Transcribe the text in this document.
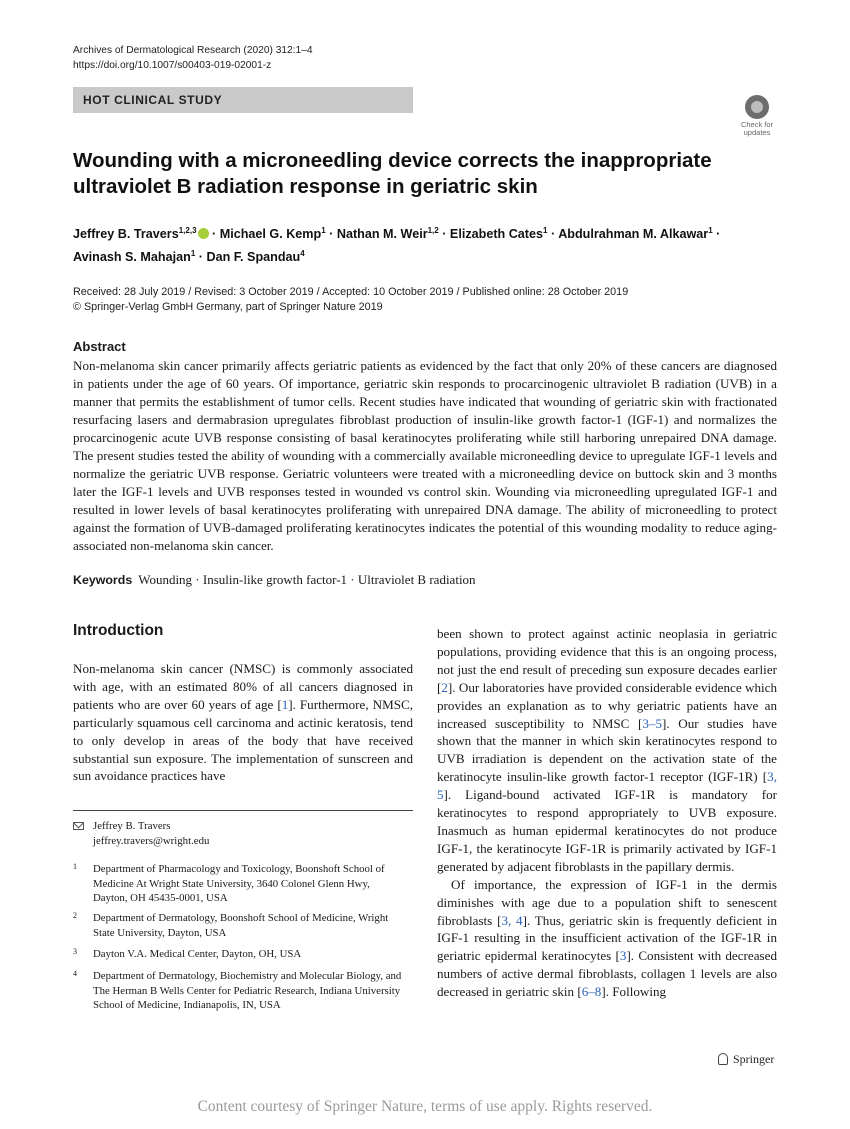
Archives of Dermatological Research (2020) 312:1–4
https://doi.org/10.1007/s00403-019-02001-z
HOT CLINICAL STUDY
Check for
updates
Wounding with a microneedling device corrects the inappropriate
ultraviolet B radiation response in geriatric skin
Jeffrey B. Travers$^{1,2,3}$ · Michael G. Kemp$^1$ · Nathan M. Weir$^{1,2}$ · Elizabeth Cates$^1$ · Abdulrahman M. Alkawar$^1$ ·
Avinash S. Mahajan$^1$ · Dan F. Spandau$^4$
Received: 28 July 2019 / Revised: 3 October 2019 / Accepted: 10 October 2019 / Published online: 28 October 2019
© Springer-Verlag GmbH Germany, part of Springer Nature 2019
Abstract

Non-melanoma skin cancer primarily affects geriatric patients as evidenced by the fact that only 20% of these cancers are diagnosed in patients under the age of 60 years. Of importance, geriatric skin responds to procarcinogenic ultraviolet B radiation (UVB) in a manner that permits the establishment of tumor cells. Recent studies have indicated that wounding of geriatric skin with fractionated resurfacing lasers and dermabrasion upregulates fibroblast production of insulin-like growth factor-1 (IGF-1) and normalizes the procarcinogenic acute UVB response consisting of basal keratinocytes proliferating while still harboring unrepaired DNA damage. The present studies tested the ability of wounding with a commercially available microneedling device to upregulate IGF-1 levels and normalize the geriatric UVB response. Geriatric volunteers were treated with a microneedling device on buttock skin and 3 months later the IGF-1 levels and UVB responses tested in wounded vs control skin. Wounding via microneedling upregulated IGF-1 and resulted in lower levels of basal keratinocytes proliferating with unrepaired DNA damage. The ability of microneedling to protect against the formation of UVB-damaged proliferating keratinocytes indicates the potential of this wounding modality to reduce aging-associated non-melanoma skin cancer.

Keywords Wounding · Insulin-like growth factor-1 · Ultraviolet B radiation
Introduction

Non-melanoma skin cancer (NMSC) is commonly associated with age, with an estimated 80% of all cancers diagnosed in patients who are over 60 years of age [1]. Furthermore, NMSC, particularly squamous cell carcinoma and actinic keratosis, tend to only develop in areas of the body that have received substantial sun exposure. The implementation of sunscreen and sun avoidance practices have

been shown to protect against actinic neoplasia in geriatric populations, providing evidence that this is an ongoing process, not just the end result of preceding sun exposure decades earlier [2]. Our laboratories have provided considerable evidence which provides an explanation as to why geriatric patients have an increased susceptibility to NMSC [3–5]. Our studies have shown that the manner in which skin keratinocytes respond to UVB irradiation is dependent on the activation state of the keratinocyte insulin-like growth factor-1 receptor (IGF-1R) [3, 5]. Ligand-bound activated IGF-1R is mandatory for keratinocytes to respond appropriately to UVB exposure. Inasmuch as human epidermal keratinocytes do not produce IGF-1, the keratinocyte IGF-1R is primarily activated by IGF-1 generated by adjacent fibroblasts in the papillary dermis.

Of importance, the expression of IGF-1 in the dermis diminishes with age due to a population shift to senescent fibroblasts [3, 4]. Thus, geriatric skin is frequently deficient in IGF-1 resulting in the insufficient activation of the IGF-1R in geriatric epidermal keratinocytes [3]. Consistent with decreased numbers of active dermal fibroblasts, collagen 1 levels are also decreased in geriatric skin [6–8]. Following

Jeffrey B. Travers
jeffrey.travers@wright.edu
1 Department of Pharmacology and Toxicology, Boonshoft School of Medicine At Wright State University, 3640 Colonel Glenn Hwy, Dayton, OH 45435-0001, USA
2 Department of Dermatology, Boonshoft School of Medicine, Wright State University, Dayton, USA
3 Dayton V.A. Medical Center, Dayton, OH, USA
4 Department of Dermatology, Biochemistry and Molecular Biology, and The Herman B Wells Center for Pediatric Research, Indiana University School of Medicine, Indianapolis, IN, USA
Springer
Content courtesy of Springer Nature, terms of use apply. Rights reserved.
